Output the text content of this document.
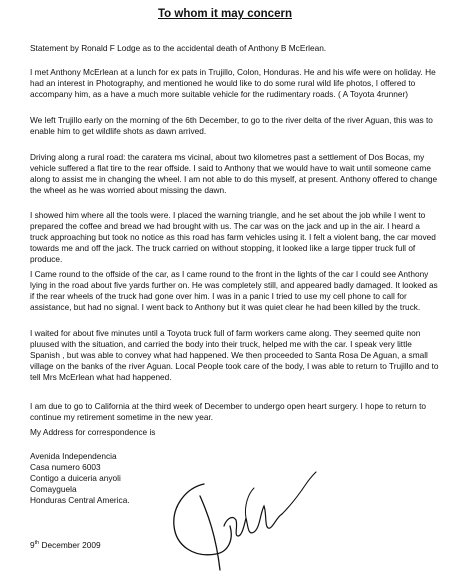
To whom it may concern

Statement by Ronald F Lodge as to the accidental death of Anthony B McErlean.

I met Anthony McErlean at a lunch for ex pats in Trujillo, Colon, Honduras. He and his wife were on holiday. He had an interest in Photography, and mentioned he would like to do some rural wild life photos, I offered to accompany him, as a have a much more suitable vehicle for the rudimentary roads. ( A Toyota 4runner)

We left Trujillo early on the morning of the 6th December, to go to the river delta of the river Aguan, this was to enable him to get wildlife shots as dawn arrived.

Driving along a rural road: the caratera ms vicinal, about two kilometres past a settlement of Dos Bocas, my vehicle suffered a flat tire to the rear offside. I said to Anthony that we would have to wait until someone came along to assist me in changing the wheel. I am not able to do this myself, at present. Anthony offered to change the wheel as he was worried about missing the dawn.

I showed him where all the tools were. I placed the warning triangle, and he set about the job while I went to prepared the coffee and bread we had brought with us. The car was on the jack and up in the air. I heard a truck approaching but took no notice as this road has farm vehicles using it. I felt a violent bang, the car moved towards me and off the jack. The truck carried on without stopping, it looked like a large tipper truck full of produce.

I Came round to the offside of the car, as I came round to the front in the lights of the car I could see Anthony lying in the road about five yards further on. He was completely still, and appeared badly damaged. It looked as if the rear wheels of the truck had gone over him. I was in a panic I tried to use my cell phone to call for assistance, but had no signal. I went back to Anthony but it was quiet clear he had been killed by the truck.

I waited for about five minutes until a Toyota truck full of farm workers came along. They seemed quite non pluused with the situation, and carried the body into their truck, helped me with the car. I speak very little Spanish , but was able to convey what had happened. We then proceeded to Santa Rosa De Aguan, a small village on the banks of the river Aguan. Local People took care of the body, I was able to return to Trujillo and to tell Mrs McErlean what had happened.

I am due to go to California at the third week of December to undergo open heart surgery. I hope to return to continue my retirement sometime in the new year.

My Address for correspondence is

Avenida Independencia
Casa numero 6003
Contigo a duiceria anyoli
Comayguela
Honduras Central America.
9th December 2009
